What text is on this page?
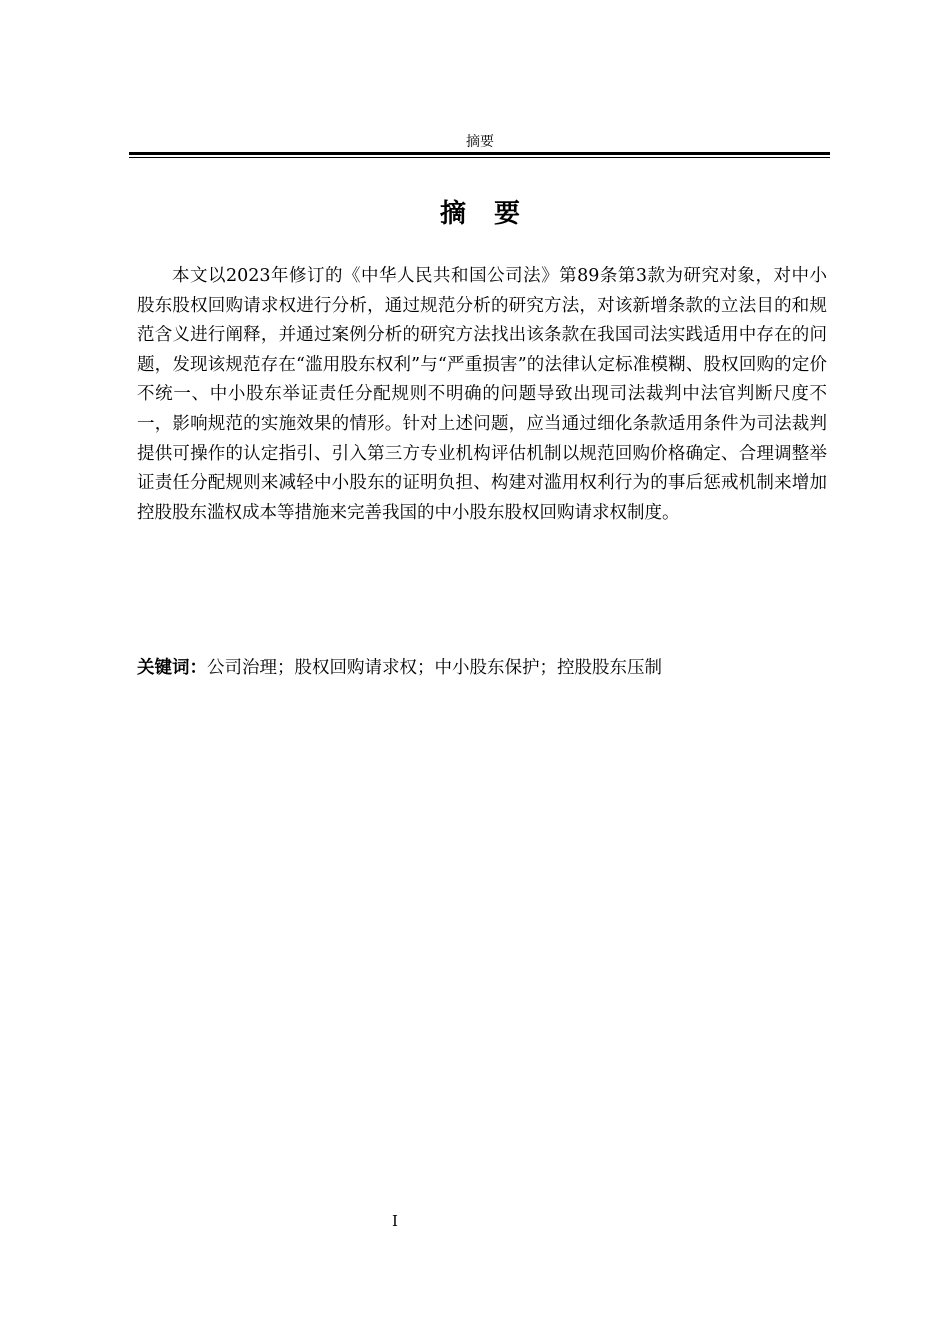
摘要
摘要

本文以2023年修订的《中华人民共和国公司法》第89条第3款为研究对象，对中小股东股权回购请求权进行分析，通过规范分析的研究方法，对该新增条款的立法目的和规范含义进行阐释，并通过案例分析的研究方法找出该条款在我国司法实践适用中存在的问题，发现该规范存在“滥用股东权利”与“严重损害”的法律认定标准模糊、股权回购的定价不统一、中小股东举证责任分配规则不明确的问题导致出现司法裁判中法官判断尺度不一，影响规范的实施效果的情形。针对上述问题，应当通过细化条款适用条件为司法裁判提供可操作的认定指引、引入第三方专业机构评估机制以规范回购价格确定、合理调整举证责任分配规则来减轻中小股东的证明负担、构建对滥用权利行为的事后惩戒机制来增加控股股东滥权成本等措施来完善我国的中小股东股权回购请求权制度。

关键词：公司治理；股权回购请求权；中小股东保护；控股股东压制
I
